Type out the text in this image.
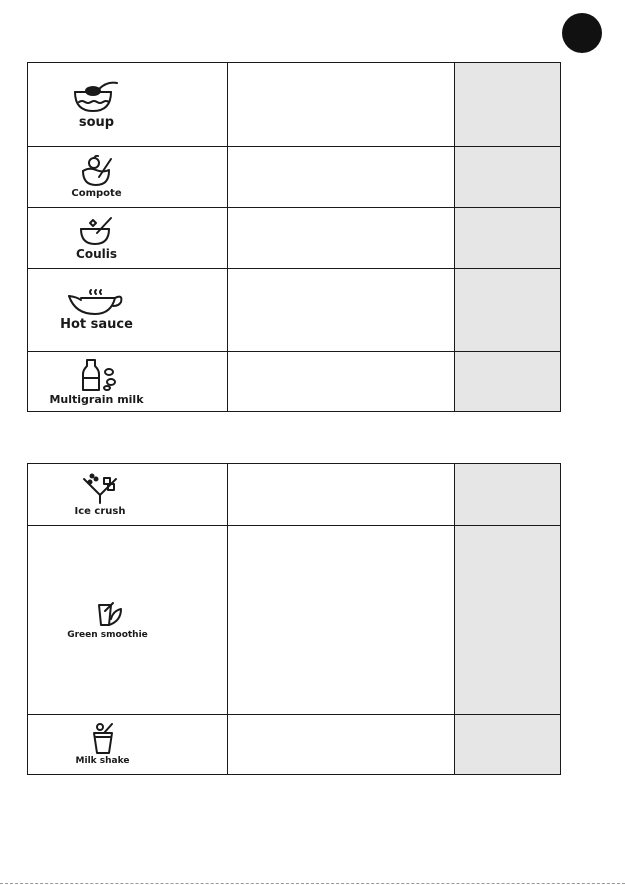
soup		

Compote		

Coulis		

Hot sauce		

Multigrain milk		

Ice crush		

Green smoothie		

Milk shake		
